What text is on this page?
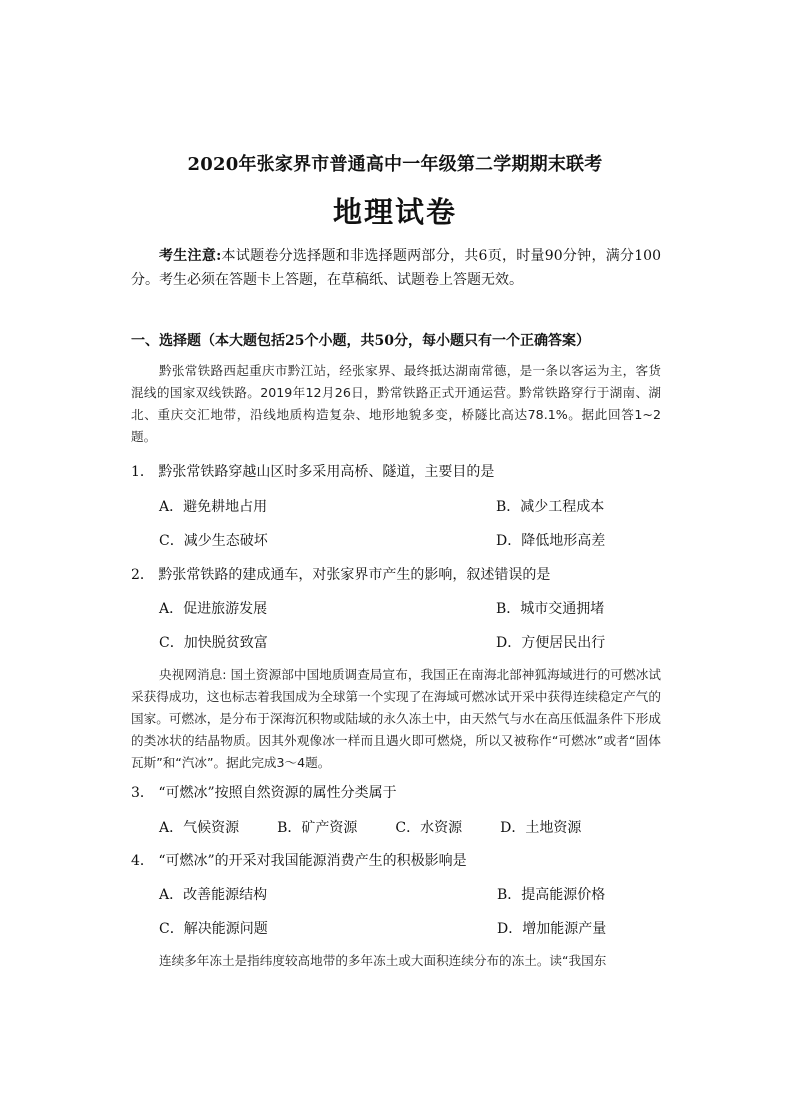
2020年张家界市普通高中一年级第二学期期末联考
地理试卷
考生注意:本试题卷分选择题和非选择题两部分，共6页，时量90分钟，满分100分。考生必须在答题卡上答题，在草稿纸、试题卷上答题无效。
一、选择题（本大题包括25个小题，共50分，每小题只有一个正确答案）
黔张常铁路西起重庆市黔江站，经张家界、最终抵达湖南常德，是一条以客运为主，客货混线的国家双线铁路。2019年12月26日，黔常铁路正式开通运营。黔常铁路穿行于湖南、湖北、重庆交汇地带，沿线地质构造复杂、地形地貌多变，桥隧比高达78.1%。据此回答1~2题。
1． 黔张常铁路穿越山区时多采用高桥、隧道，主要目的是
A．避免耕地占用	B．减少工程成本
C．减少生态破坏	D．降低地形高差
2． 黔张常铁路的建成通车，对张家界市产生的影响，叙述错误的是
A．促进旅游发展	B．城市交通拥堵
C．加快脱贫致富	D．方便居民出行
央视网消息: 国土资源部中国地质调查局宣布，我国正在南海北部神狐海域进行的可燃冰试采获得成功，这也标志着我国成为全球第一个实现了在海域可燃冰试开采中获得连续稳定产气的国家。可燃冰，是分布于深海沉积物或陆域的永久冻土中，由天然气与水在高压低温条件下形成的类冰状的结晶物质。因其外观像冰一样而且遇火即可燃烧，所以又被称作“可燃冰”或者“固体瓦斯”和“汽冰”。据此完成3～4题。
3． “可燃冰”按照自然资源的属性分类属于
A．气候资源	B．矿产资源	C．水资源	D．土地资源
4． “可燃冰”的开采对我国能源消费产生的积极影响是
A．改善能源结构	B．提高能源价格
C．解决能源问题	D．增加能源产量
连续多年冻土是指纬度较高地带的多年冻土或大面积连续分布的冻土。读“我国东
